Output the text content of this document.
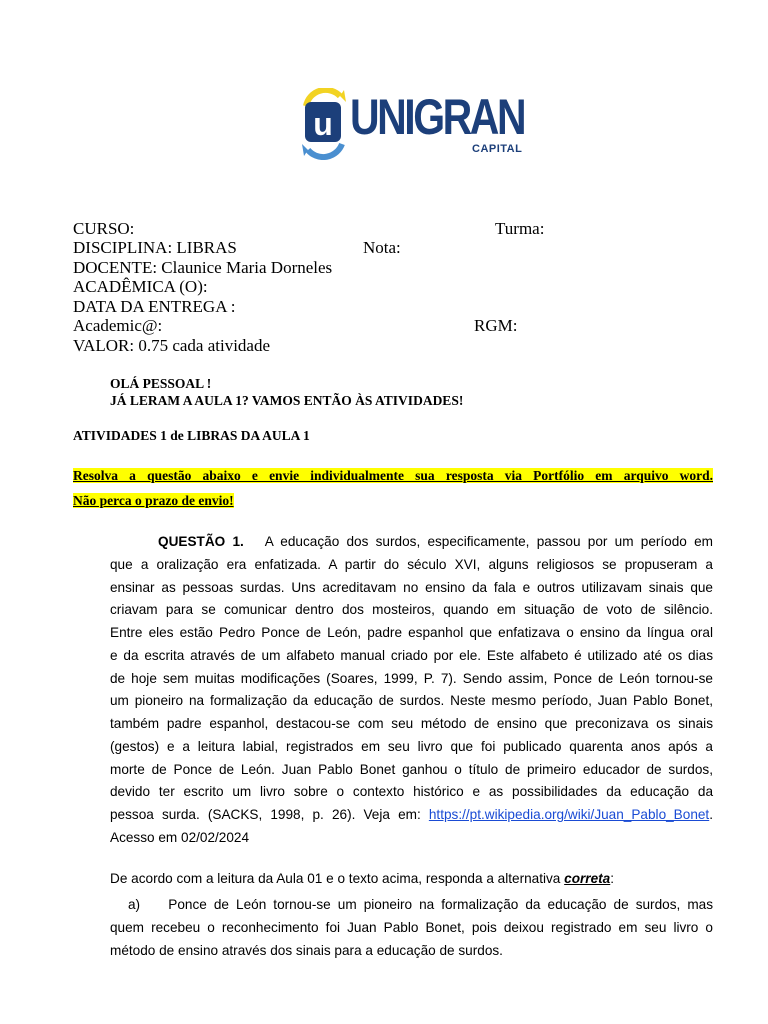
u UNIGRAN
CAPITAL
CURSO:	Turma:
DISCIPLINA: LIBRAS	Nota:
DOCENTE: Claunice Maria Dorneles
ACADÊMICA (O):
DATA DA ENTREGA :
Academic@:	RGM:
VALOR: 0.75 cada atividade
OLÁ PESSOAL !
JÁ LERAM A AULA 1? VAMOS ENTÃO ÀS ATIVIDADES!
ATIVIDADES 1 de LIBRAS DA AULA 1
Resolva a questão abaixo e envie individualmente sua resposta via Portfólio em arquivo word.
Não perca o prazo de envio!
QUESTÃO 1. A educação dos surdos, especificamente, passou por um período em
que a oralização era enfatizada. A partir do século XVI, alguns religiosos se propuseram a
ensinar as pessoas surdas. Uns acreditavam no ensino da fala e outros utilizavam sinais que
criavam para se comunicar dentro dos mosteiros, quando em situação de voto de silêncio.
Entre eles estão Pedro Ponce de León, padre espanhol que enfatizava o ensino da língua oral
e da escrita através de um alfabeto manual criado por ele. Este alfabeto é utilizado até os dias
de hoje sem muitas modificações (Soares, 1999, P. 7). Sendo assim, Ponce de León tornou-se
um pioneiro na formalização da educação de surdos. Neste mesmo período, Juan Pablo Bonet,
também padre espanhol, destacou-se com seu método de ensino que preconizava os sinais
(gestos) e a leitura labial, registrados em seu livro que foi publicado quarenta anos após a
morte de Ponce de León. Juan Pablo Bonet ganhou o título de primeiro educador de surdos,
devido ter escrito um livro sobre o contexto histórico e as possibilidades da educação da
pessoa surda. (SACKS, 1998, p. 26). Veja em: https://pt.wikipedia.org/wiki/Juan_Pablo_Bonet.
Acesso em 02/02/2024
De acordo com a leitura da Aula 01 e o texto acima, responda a alternativa correta:
a) Ponce de León tornou-se um pioneiro na formalização da educação de surdos, mas
quem recebeu o reconhecimento foi Juan Pablo Bonet, pois deixou registrado em seu livro o
método de ensino através dos sinais para a educação de surdos.
